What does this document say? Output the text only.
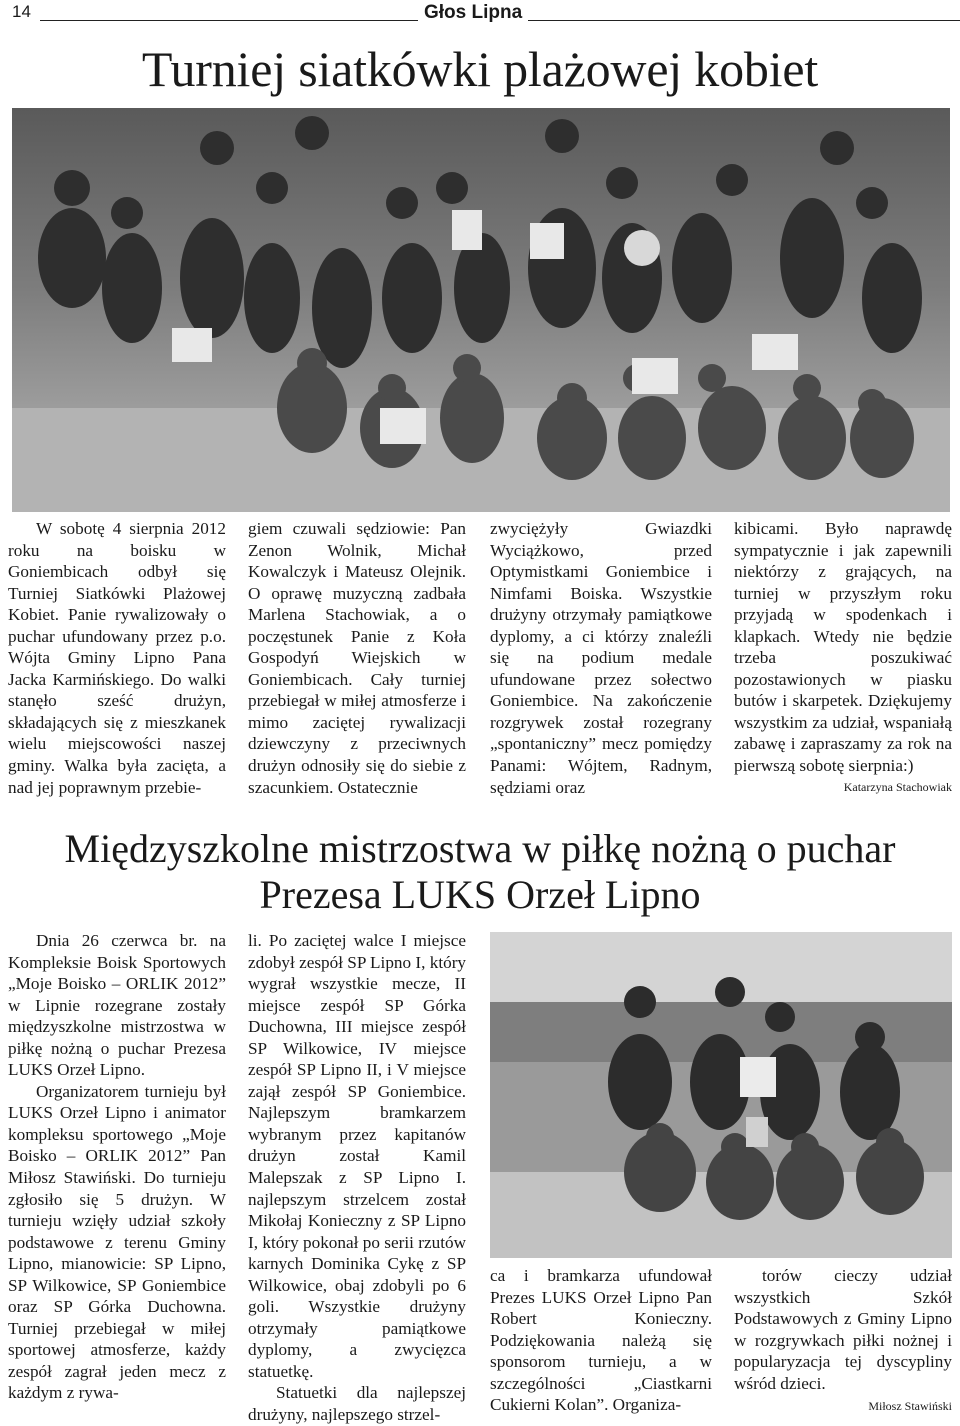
14	Głos Lipna
Turniej siatkówki plażowej kobiet

W sobotę 4 sierpnia 2012 roku na boisku w Goniembicach odbył się Turniej Siatkówki Plażowej Kobiet. Panie rywalizowały o puchar ufundowany przez p.o. Wójta Gminy Lipno Pana Jacka Karmińskiego. Do walki stanęło sześć drużyn, składających się z mieszkanek wielu miejscowości naszej gminy. Walka była zacięta, a nad jej poprawnym przebie-

giem czuwali sędziowie: Pan Zenon Wolnik, Michał Kowalczyk i Mateusz Olejnik. O oprawę muzyczną zadbała Marlena Stachowiak, a o poczęstunek Panie z Koła Gospodyń Wiejskich w Goniembicach. Cały turniej przebiegał w miłej atmosferze i mimo zaciętej rywalizacji dziewczyny z przeciwnych drużyn odnosiły się do siebie z szacunkiem. Ostatecznie

zwyciężyły Gwiazdki Wyciążkowo, przed Optymistkami Goniembice i Nimfami Boiska. Wszystkie drużyny otrzymały pamiątkowe dyplomy, a ci którzy znaleźli się na podium medale ufundowane przez sołectwo Goniembice. Na zakończenie rozgrywek został rozegrany „spontaniczny” mecz pomiędzy Panami: Wójtem, Radnym, sędziami oraz

kibicami. Było naprawdę sympatycznie i jak zapewnili niektórzy z grających, na turniej w przyszłym roku przyjadą w spodenkach i klapkach. Wtedy nie będzie trzeba poszukiwać pozostawionych w piasku butów i skarpetek. Dziękujemy wszystkim za udział, wspaniałą zabawę i zapraszamy za rok na pierwszą sobotę sierpnia:)
Katarzyna Stachowiak

Międzyszkolne mistrzostwa w piłkę nożną o puchar
Prezesa LUKS Orzeł Lipno

Dnia 26 czerwca br. na Kompleksie Boisk Sportowych „Moje Boisko – ORLIK 2012” w Lipnie rozegrane zostały międzyszkolne mistrzostwa w piłkę nożną o puchar Prezesa LUKS Orzeł Lipno.

Organizatorem turnieju był LUKS Orzeł Lipno i animator kompleksu sportowego „Moje Boisko – ORLIK 2012” Pan Miłosz Stawiński. Do turnieju zgłosiło się 5 drużyn. W turnieju wzięły udział szkoły podstawowe z terenu Gminy Lipno, mianowicie: SP Lipno, SP Wilkowice, SP Goniembice oraz SP Górka Duchowna. Turniej przebiegał w miłej sportowej atmosferze, każdy zespół zagrał jeden mecz z każdym z rywa-

li. Po zaciętej walce I miejsce zdobył zespół SP Lipno I, który wygrał wszystkie mecze, II miejsce zespół SP Górka Duchowna, III miejsce zespół SP Wilkowice, IV miejsce zespół SP Lipno II, i V miejsce zajął zespół SP Goniembice. Najlepszym bramkarzem wybranym przez kapitanów drużyn został Kamil Malepszak z SP Lipno I. najlepszym strzelcem został Mikołaj Konieczny z SP Lipno I, który pokonał po serii rzutów karnych Dominika Cykę z SP Wilkowice, obaj zdobyli po 6 goli. Wszystkie drużyny otrzymały pamiątkowe dyplomy, a zwycięzca statuetkę.

Statuetki dla najlepszej drużyny, najlepszego strzel-

ca i bramkarza ufundował Prezes LUKS Orzeł Lipno Pan Robert Konieczny. Podziękowania należą się sponsorom turnieju, a w szczególności „Ciastkarni Cukierni Kolan”. Organiza-

torów cieczy udział wszystkich Szkół Podstawowych z Gminy Lipno w rozgrywkach piłki nożnej i popularyzacja tej dyscypliny wśród dzieci.

Miłosz Stawiński
